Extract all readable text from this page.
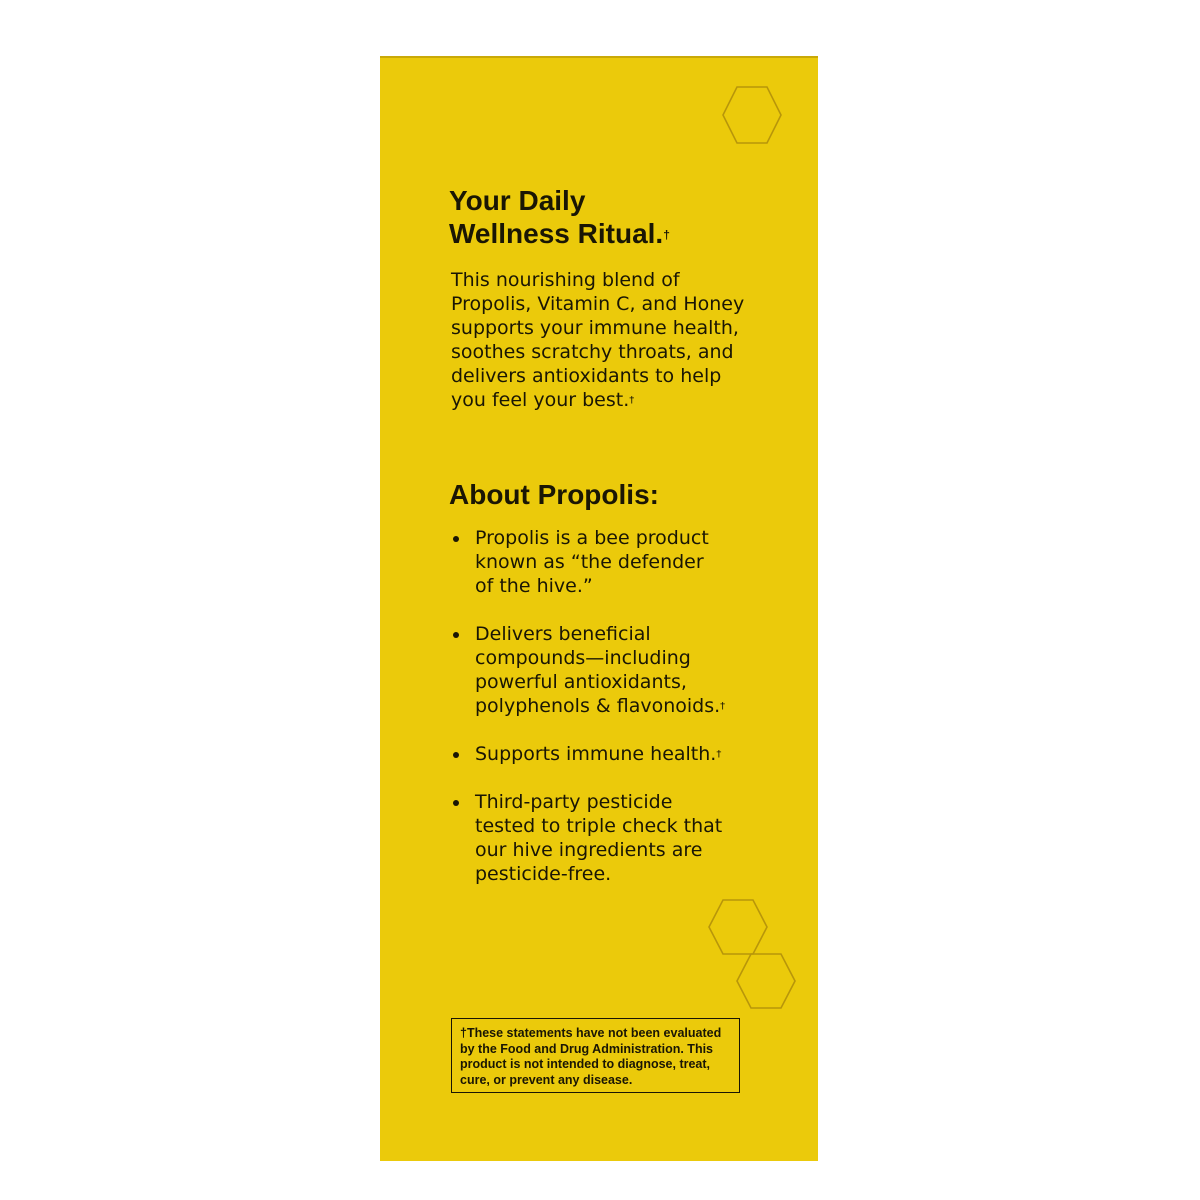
Your Daily
Wellness Ritual.†

This nourishing blend of
Propolis, Vitamin C, and Honey
supports your immune health,
soothes scratchy throats, and
delivers antioxidants to help
you feel your best.†

About Propolis:
Propolis is a bee product
known as “the defender
of the hive.”
Delivers beneficial
compounds—including
powerful antioxidants,
polyphenols & flavonoids.†
Supports immune health.†
Third-party pesticide
tested to triple check that
our hive ingredients are
pesticide-free.
†These statements have not been evaluated
by the Food and Drug Administration. This
product is not intended to diagnose, treat,
cure, or prevent any disease.
